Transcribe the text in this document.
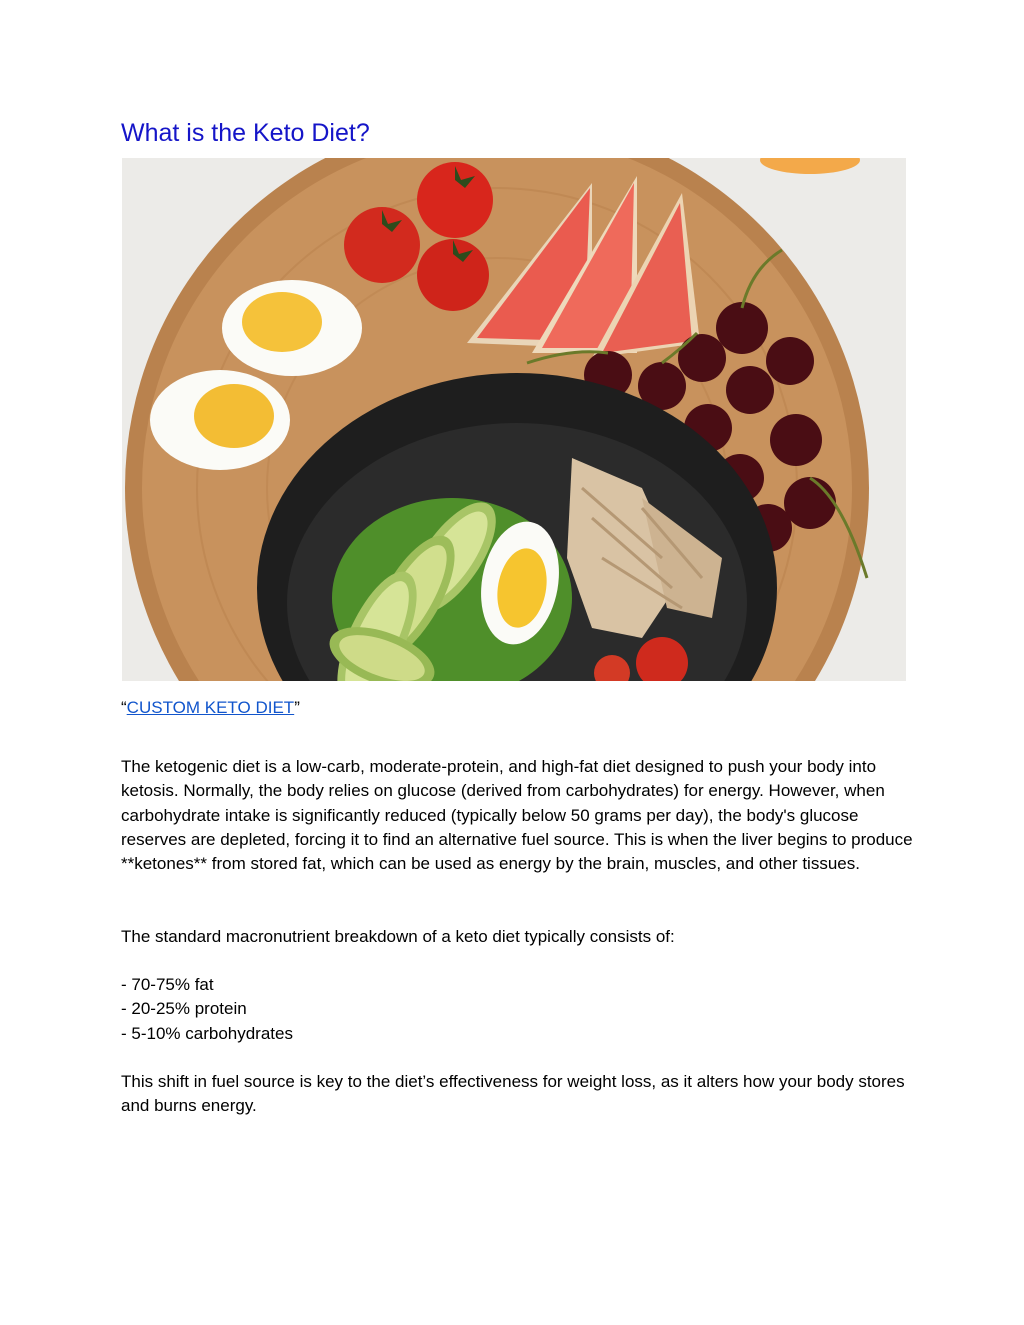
What is the Keto Diet?
“CUSTOM KETO DIET”

The ketogenic diet is a low-carb, moderate-protein, and high-fat diet designed to push your body into ketosis. Normally, the body relies on glucose (derived from carbohydrates) for energy. However, when carbohydrate intake is significantly reduced (typically below 50 grams per day), the body's glucose reserves are depleted, forcing it to find an alternative fuel source. This is when the liver begins to produce **ketones** from stored fat, which can be used as energy by the brain, muscles, and other tissues.

The standard macronutrient breakdown of a keto diet typically consists of:

- 70-75% fat
- 20-25% protein
- 5-10% carbohydrates

This shift in fuel source is key to the diet’s effectiveness for weight loss, as it alters how your body stores and burns energy.
